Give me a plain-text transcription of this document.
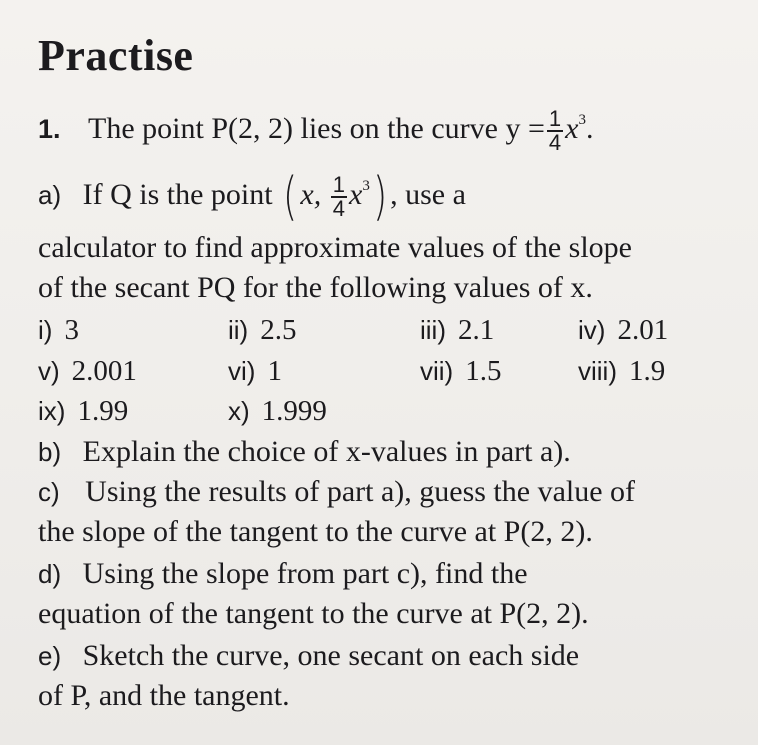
Practise
1. The point P(2, 2) lies on the curve $y = \frac{1}{4} x^3$.
a) If Q is the point ( x, $\frac{1}{4} x^3$) , use a
calculator to find approximate values of the slope
of the secant PQ for the following values of x.
i) 3	ii) 2.5	iii) 2.1	iv) 2.01
v) 2.001	vi) 1	vii) 1.5	viii) 1.9
ix) 1.99	x) 1.999
b) Explain the choice of x-values in part a).
c) Using the results of part a), guess the value of
the slope of the tangent to the curve at P(2, 2).
d) Using the slope from part c), find the
equation of the tangent to the curve at P(2, 2).
e) Sketch the curve, one secant on each side
of P, and the tangent.
